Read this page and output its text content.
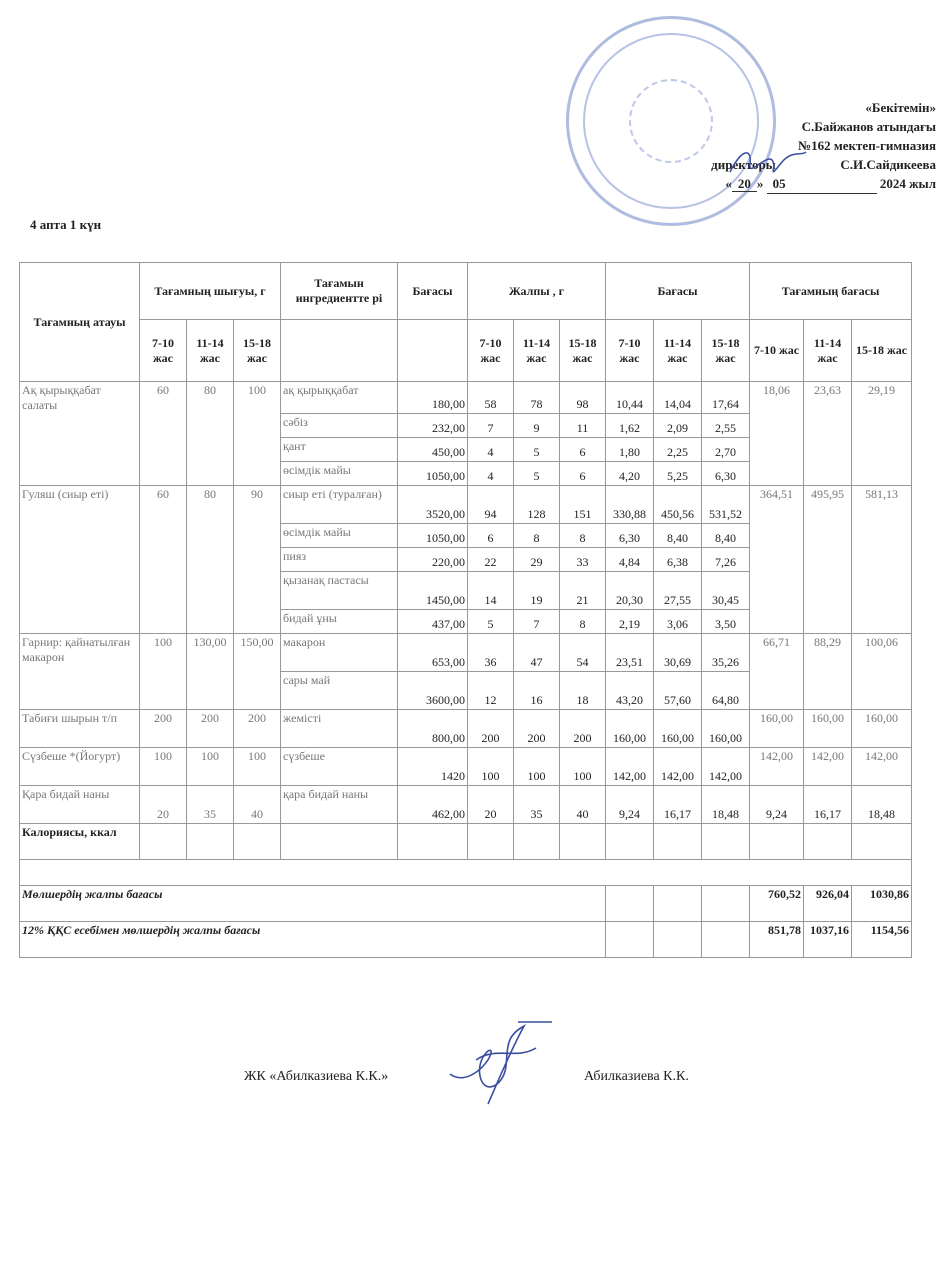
«Бекітемін»
С.Байжанов атындағы
№162 мектеп-гимназия
директоры	С.И.Сайдикеева
« 20 » 05	2024 жыл
4 апта 1 күн
Тағамның атауы	Тағамның шығуы, г			Тағамын ингредиентте рі	Бағасы	Жалпы , г			Бағасы			Тағамның бағасы		
	7-10 жас	11-14 жас	15-18 жас			7-10 жас	11-14 жас	15-18 жас	7-10 жас	11-14 жас	15-18 жас	7-10 жас	11-14 жас	15-18 жас
Ақ қырыққабат салаты	60	80	100	ақ қырыққабат	180,00	58	78	98	10,44	14,04	17,64	18,06	23,63	29,19
				сәбіз	232,00	7	9	11	1,62	2,09	2,55			
				қант	450,00	4	5	6	1,80	2,25	2,70			
				өсімдік майы	1050,00	4	5	6	4,20	5,25	6,30			
Гуляш (сиыр еті)	60	80	90	сиыр еті (туралған)	3520,00	94	128	151	330,88	450,56	531,52	364,51	495,95	581,13
				өсімдік майы	1050,00	6	8	8	6,30	8,40	8,40			
				пияз	220,00	22	29	33	4,84	6,38	7,26			
				қызанақ пастасы	1450,00	14	19	21	20,30	27,55	30,45			
				бидай ұны	437,00	5	7	8	2,19	3,06	3,50			
Гарнир: қайнатылған макарон	100	130,00	150,00	макарон	653,00	36	47	54	23,51	30,69	35,26	66,71	88,29	100,06
				сары май	3600,00	12	16	18	43,20	57,60	64,80			
Табиғи шырын т/п	200	200	200	жемісті	800,00	200	200	200	160,00	160,00	160,00	160,00	160,00	160,00
Сүзбеше *(Йогурт)	100	100	100	сүзбеше	1420	100	100	100	142,00	142,00	142,00	142,00	142,00	142,00
Қара бидай наны	20	35	40	қара бидай наны	462,00	20	35	40	9,24	16,17	18,48	9,24	16,17	18,48
Калориясы, ккал														

Мөлшердің жалпы бағасы												760,52	926,04	1030,86
12% ҚҚС есебімен мөлшердің жалпы бағасы												851,78	1037,16	1154,56
ЖК «Абилказиева К.К.»	Абилказиева К.К.
